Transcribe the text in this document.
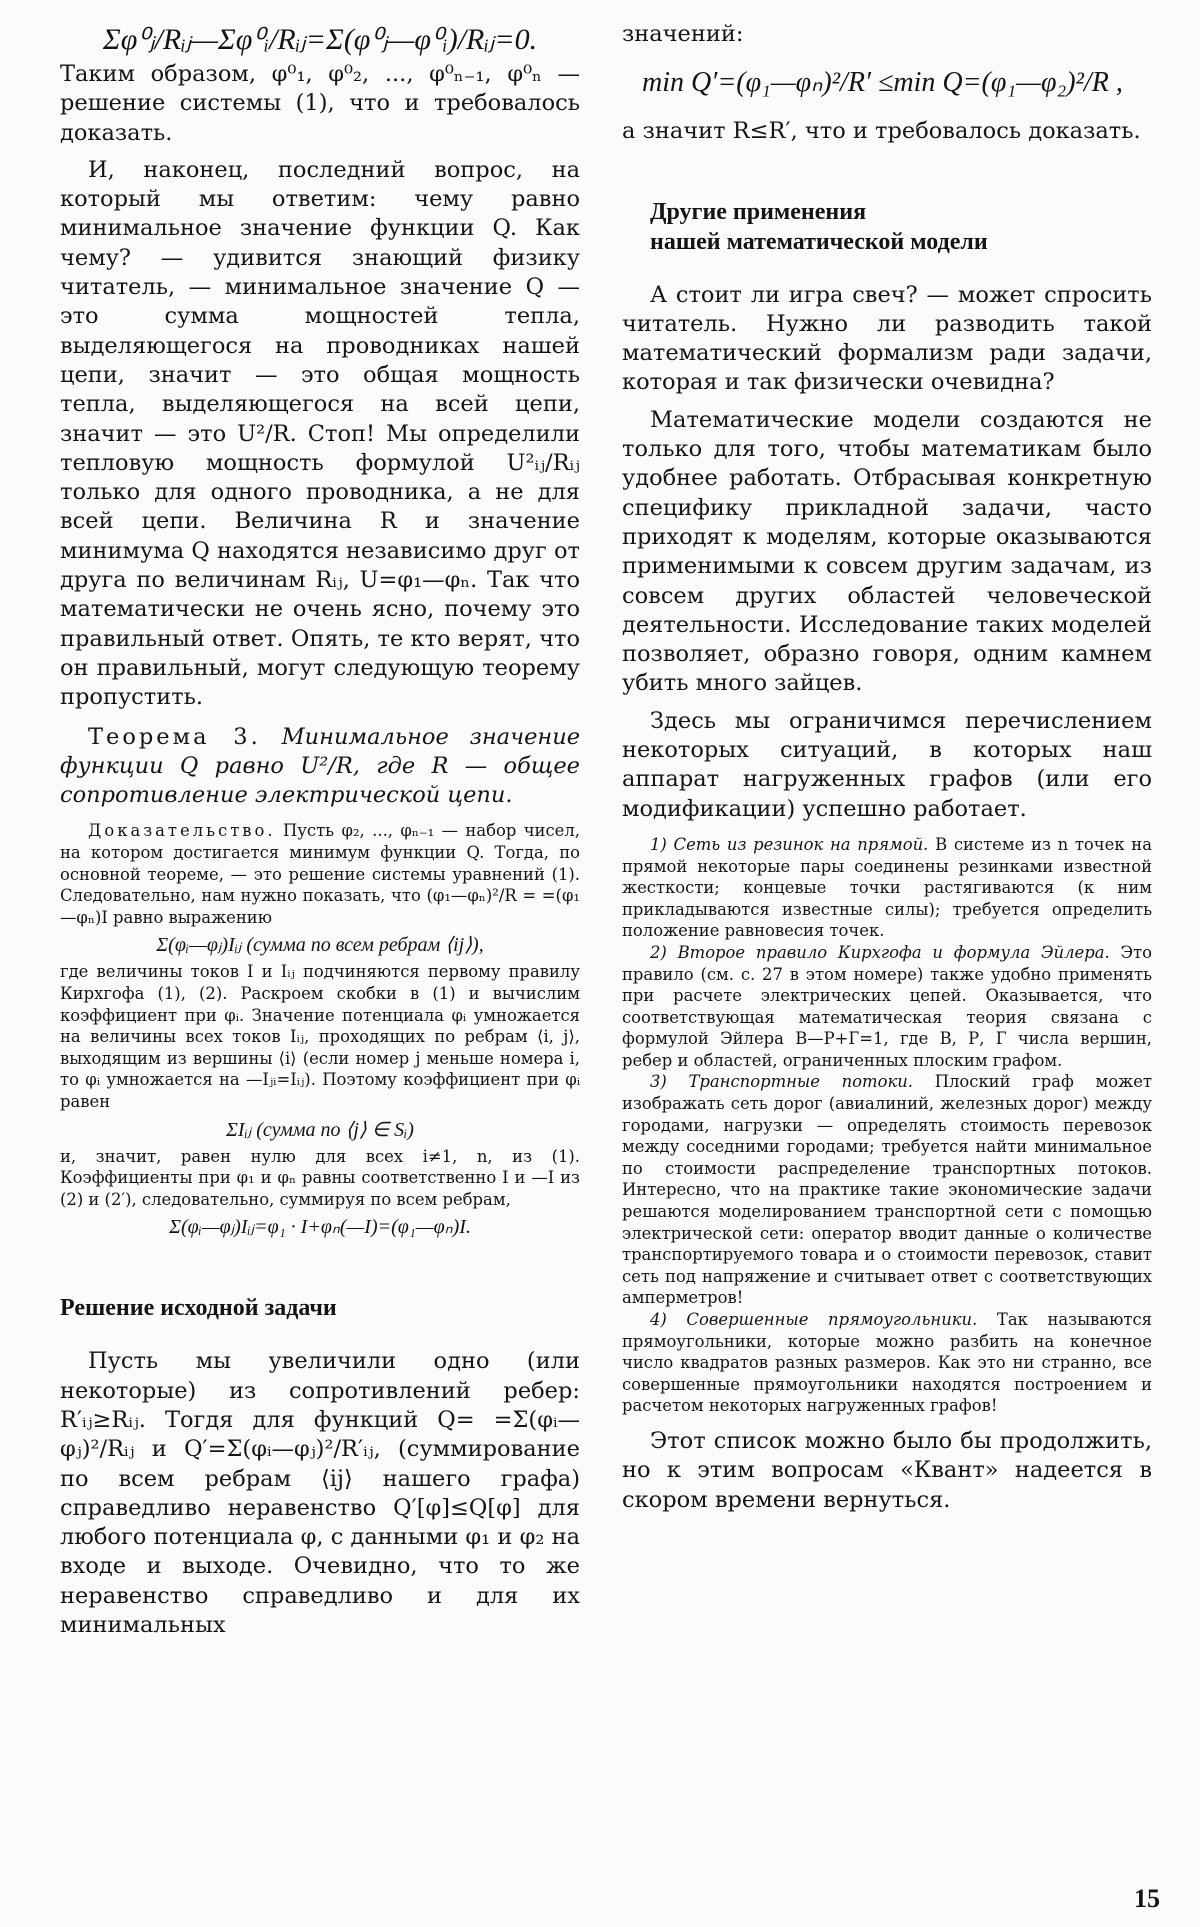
Σφ⁰ⱼ/Rᵢⱼ—Σφ⁰ᵢ/Rᵢⱼ=Σ(φ⁰ⱼ—φ⁰ᵢ)/Rᵢⱼ=0.

Таким образом, φ⁰₁, φ⁰₂, ..., φ⁰ₙ₋₁, φ⁰ₙ — решение системы (1), что и требовалось доказать.

И, наконец, последний вопрос, на который мы ответим: чему равно минимальное значение функции Q. Как чему? — удивится знающий физику читатель, — минимальное значение Q — это сумма мощностей тепла, выделяющегося на проводниках нашей цепи, значит — это общая мощность тепла, выделяющегося на всей цепи, значит — это U²/R. Стоп! Мы определили тепловую мощность формулой U²ᵢⱼ/Rᵢⱼ только для одного проводника, а не для всей цепи. Величина R и значение минимума Q находятся независимо друг от друга по величинам Rᵢⱼ, U=φ₁—φₙ. Так что математически не очень ясно, почему это правильный ответ. Опять, те кто верят, что он правильный, могут следующую теорему пропустить.

Теорема 3. Минимальное значение функции Q равно U²/R, где R — общее сопротивление электрической цепи.

Доказательство. Пусть φ₂, ..., φₙ₋₁ — набор чисел, на котором достигается минимум функции Q. Тогда, по основной теореме, — это решение системы уравнений (1). Следовательно, нам нужно показать, что (φ₁—φₙ)²/R = =(φ₁—φₙ)I равно выражению

Σ(φᵢ—φⱼ)Iᵢⱼ (сумма по всем ребрам ⟨ij⟩),

где величины токов I и Iᵢⱼ подчиняются первому правилу Кирхгофа (1), (2). Раскроем скобки в (1) и вычислим коэффициент при φᵢ. Значение потенциала φᵢ умножается на величины всех токов Iᵢⱼ, проходящих по ребрам ⟨i, j⟩, выходящим из вершины ⟨i⟩ (если номер j меньше номера i, то φᵢ умножается на —Iⱼᵢ=Iᵢⱼ). Поэтому коэффициент при φᵢ равен

ΣIᵢⱼ (сумма по ⟨j⟩ ∈ Sᵢ)

и, значит, равен нулю для всех i≠1, n, из (1). Коэффициенты при φ₁ и φₙ равны соответственно I и —I из (2) и (2′), следовательно, суммируя по всем ребрам,

Σ(φᵢ—φⱼ)Iᵢⱼ=φ₁ · I+φₙ(—I)=(φ₁—φₙ)I.

Решение исходной задачи

Пусть мы увеличили одно (или некоторые) из сопротивлений ребер: R′ᵢⱼ≥Rᵢⱼ. Тогдя для функций Q= =Σ(φᵢ—φⱼ)²/Rᵢⱼ и Q′=Σ(φᵢ—φⱼ)²/R′ᵢⱼ, (суммирование по всем ребрам ⟨ij⟩ нашего графа) справедливо неравенство Q′[φ]≤Q[φ] для любого потенциала φ, с данными φ₁ и φ₂ на входе и выходе. Очевидно, что то же неравенство справедливо и для их минимальных

значений:

min Q′=(φ₁—φₙ)²/R′ ≤min Q=(φ₁—φ₂)²/R ,

а значит R≤R′, что и требовалось доказать.

Другие применения

нашей математической модели

А стоит ли игра свеч? — может спросить читатель. Нужно ли разводить такой математический формализм ради задачи, которая и так физически очевидна?

Математические модели создаются не только для того, чтобы математикам было удобнее работать. Отбрасывая конкретную специфику прикладной задачи, часто приходят к моделям, которые оказываются применимыми к совсем другим задачам, из совсем других областей человеческой деятельности. Исследование таких моделей позволяет, образно говоря, одним камнем убить много зайцев.

Здесь мы ограничимся перечислением некоторых ситуаций, в которых наш аппарат нагруженных графов (или его модификации) успешно работает.

1) Сеть из резинок на прямой. В системе из n точек на прямой некоторые пары соединены резинками известной жесткости; концевые точки растягиваются (к ним прикладываются известные силы); требуется определить положение равновесия точек.

2) Второе правило Кирхгофа и формула Эйлера. Это правило (см. с. 27 в этом номере) также удобно применять при расчете электрических цепей. Оказывается, что соответствующая математическая теория связана с формулой Эйлера В—Р+Г=1, где В, Р, Г числа вершин, ребер и областей, ограниченных плоским графом.

3) Транспортные потоки. Плоский граф может изображать сеть дорог (авиалиний, железных дорог) между городами, нагрузки — определять стоимость перевозок между соседними городами; требуется найти минимальное по стоимости распределение транспортных потоков. Интересно, что на практике такие экономические задачи решаются моделированием транспортной сети с помощью электрической сети: оператор вводит данные о количестве транспортируемого товара и о стоимости перевозок, ставит сеть под напряжение и считывает ответ с соответствующих амперметров!

4) Совершенные прямоугольники. Так называются прямоугольники, которые можно разбить на конечное число квадратов разных размеров. Как это ни странно, все совершенные прямоугольники находятся построением и расчетом некоторых нагруженных графов!

Этот список можно было бы продолжить, но к этим вопросам «Квант» надеется в скором времени вернуться.

15
